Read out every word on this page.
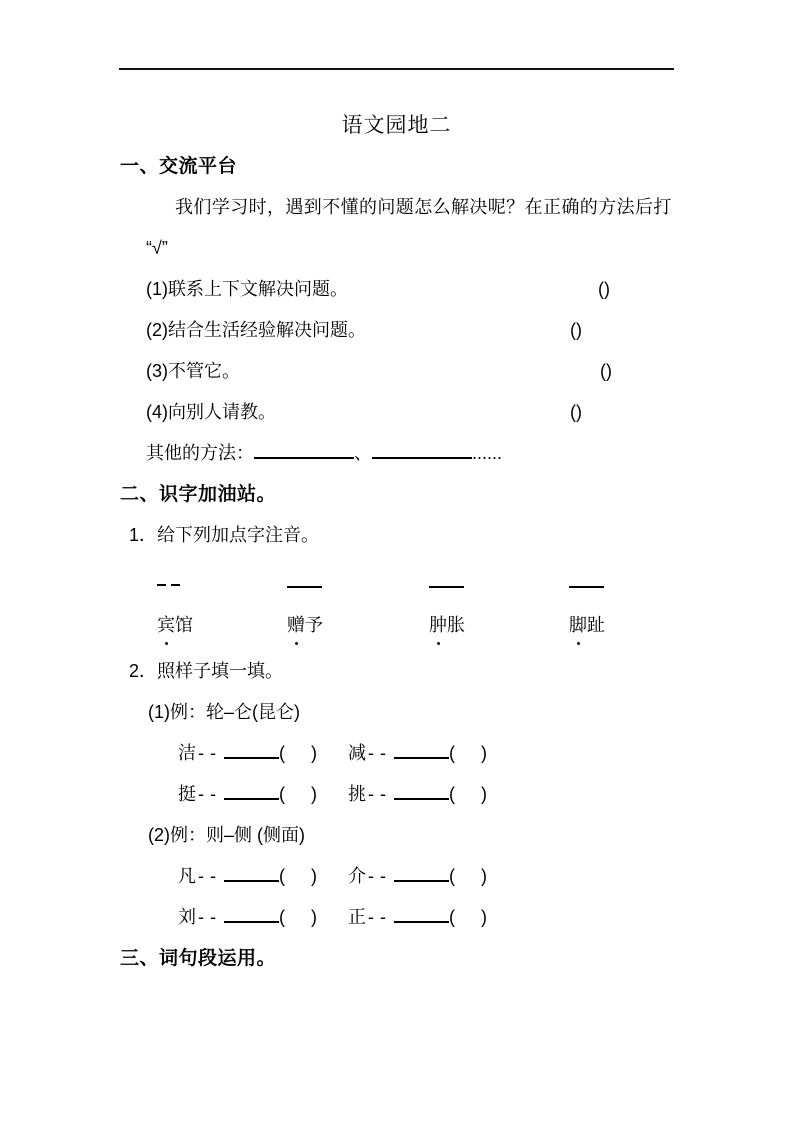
语文园地二
一、交流平台
我们学习时，遇到不懂的问题怎么解决呢？在正确的方法后打
“√”
(1)联系上下文解决问题。	()
(2)结合生活经验解决问题。	()
(3)不管它。	()
(4)向别人请教。	()
其他的方法：	、	......
二、识字加油站。
1．给下列加点字注音。
宾馆
•
赠予
•
肿胀
•
脚趾
•
2．照样子填一填。
(1)例：轮–仑(昆仑)
洁 --	( ) 减 --	( )
挺 --	( ) 挑 --	( )
(2)例：则–侧 (侧面)
凡 --	( ) 介 --	( )
刘 --	( ) 正 --	( )
三、词句段运用。
